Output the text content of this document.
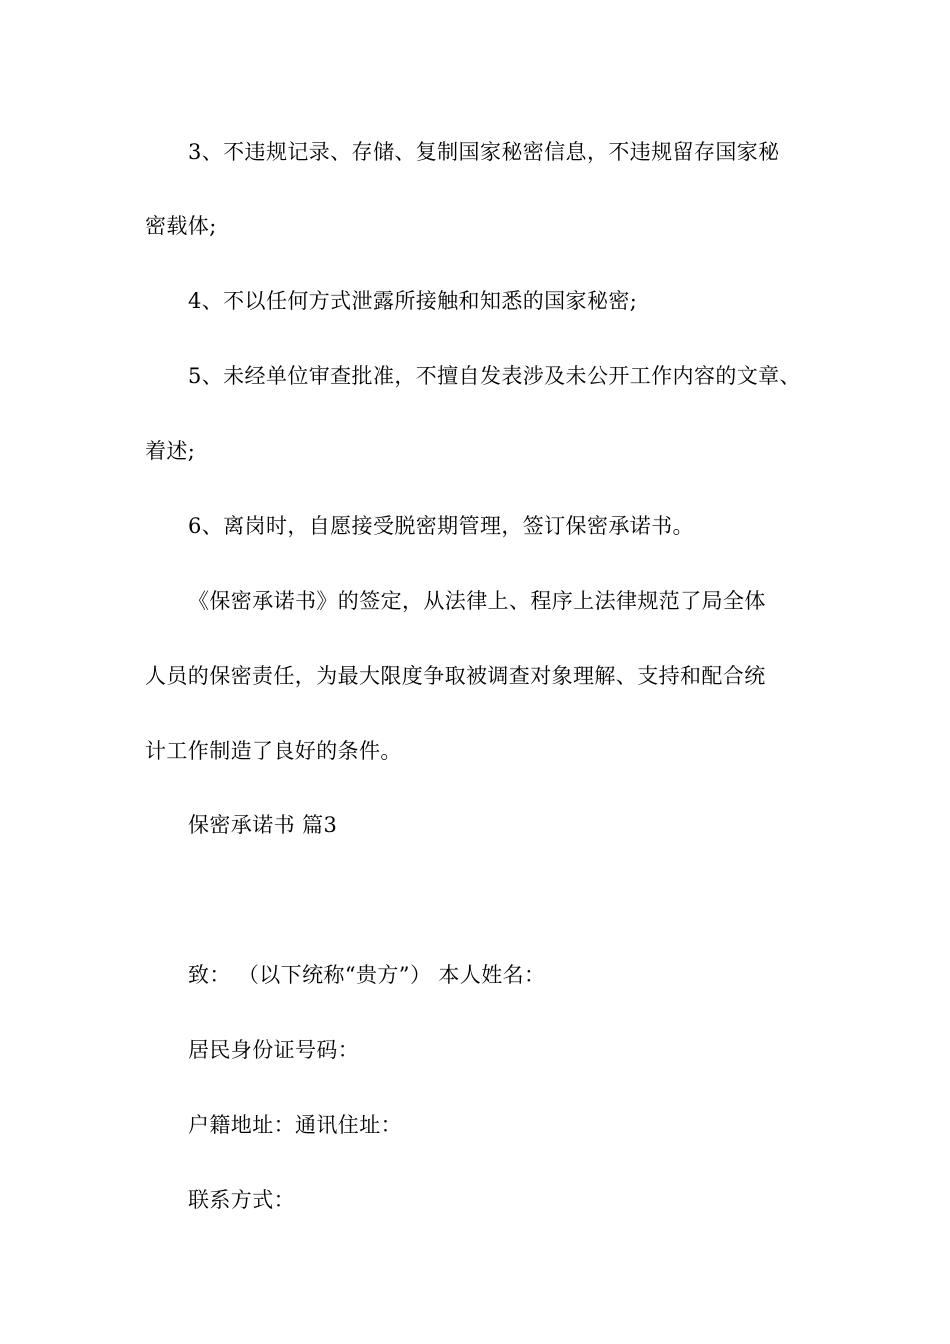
3、不违规记录、存储、复制国家秘密信息，不违规留存国家秘
密载体;
4、不以任何方式泄露所接触和知悉的国家秘密;
5、未经单位审查批准，不擅自发表涉及未公开工作内容的文章、
着述;
6、离岗时，自愿接受脱密期管理，签订保密承诺书。
《保密承诺书》的签定，从法律上、程序上法律规范了局全体
人员的保密责任，为最大限度争取被调查对象理解、支持和配合统
计工作制造了良好的条件。
保密承诺书 篇3
致： （以下统称“贵方”） 本人姓名：
居民身份证号码：
户籍地址：通讯住址：
联系方式：
